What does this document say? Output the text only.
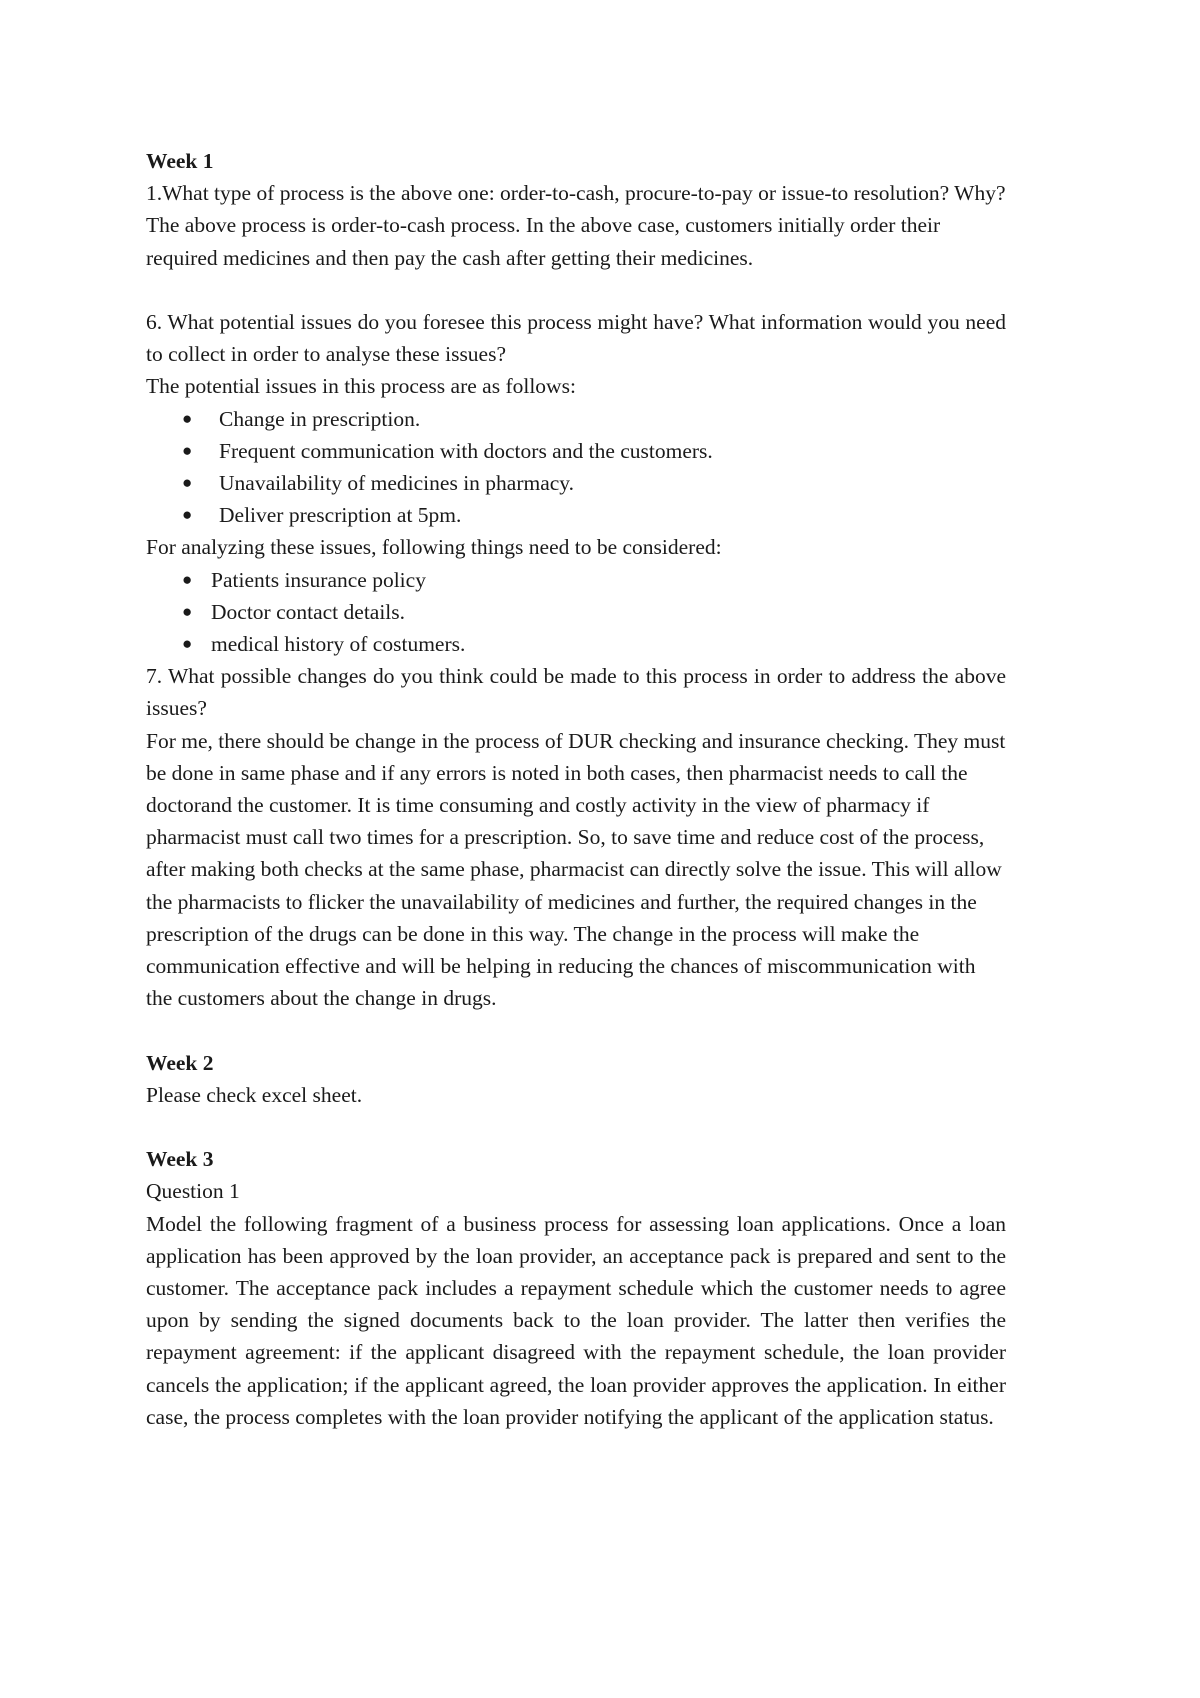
Week 1

1.What type of process is the above one: order-to-cash, procure-to-pay or issue-to resolution? Why?

The above process is order-to-cash process. In the above case, customers initially order their required medicines and then pay the cash after getting their medicines.

6. What potential issues do you foresee this process might have? What information would you need to collect in order to analyse these issues?

The potential issues in this process are as follows:

● Change in prescription.
● Frequent communication with doctors and the customers.
● Unavailability of medicines in pharmacy.
● Deliver prescription at 5pm.

For analyzing these issues, following things need to be considered:

● Patients insurance policy
● Doctor contact details.
● medical history of costumers.

7. What possible changes do you think could be made to this process in order to address the above issues?

For me, there should be change in the process of DUR checking and insurance checking. They must be done in same phase and if any errors is noted in both cases, then pharmacist needs to call the doctorand the customer. It is time consuming and costly activity in the view of pharmacy if pharmacist must call two times for a prescription. So, to save time and reduce cost of the process, after making both checks at the same phase, pharmacist can directly solve the issue. This will allow the pharmacists to flicker the unavailability of medicines and further, the required changes in the prescription of the drugs can be done in this way. The change in the process will make the communication effective and will be helping in reducing the chances of miscommunication with the customers about the change in drugs.

Week 2

Please check excel sheet.

Week 3

Question 1

Model the following fragment of a business process for assessing loan applications. Once a loan application has been approved by the loan provider, an acceptance pack is prepared and sent to the customer. The acceptance pack includes a repayment schedule which the customer needs to agree upon by sending the signed documents back to the loan provider. The latter then verifies the repayment agreement: if the applicant disagreed with the repayment schedule, the loan provider cancels the application; if the applicant agreed, the loan provider approves the application. In either case, the process completes with the loan provider notifying the applicant of the application status.
